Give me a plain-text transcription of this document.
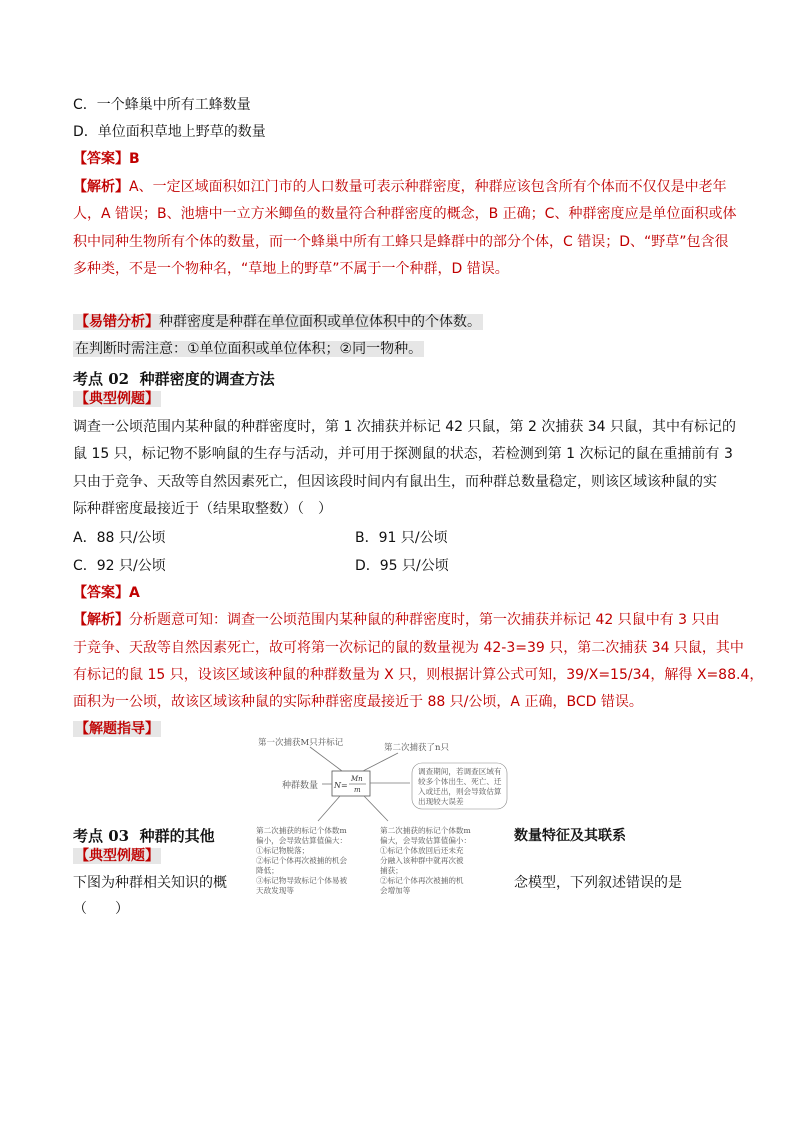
C．一个蜂巢中所有工蜂数量
D．单位面积草地上野草的数量
【答案】B
【解析】A、一定区域面积如江门市的人口数量可表示种群密度，种群应该包含所有个体而不仅仅是中老年
人，A 错误；B、池塘中一立方米鲫鱼的数量符合种群密度的概念，B 正确；C、种群密度应是单位面积或体
积中同种生物所有个体的数量，而一个蜂巢中所有工蜂只是蜂群中的部分个体，C 错误；D、“野草”包含很
多种类，不是一个物种名，“草地上的野草”不属于一个种群，D 错误。
【易错分析】种群密度是种群在单位面积或单位体积中的个体数。
在判断时需注意：①单位面积或单位体积；②同一物种。
考点 02 种群密度的调查方法
【典型例题】
调查一公顷范围内某种鼠的种群密度时，第 1 次捕获并标记 42 只鼠，第 2 次捕获 34 只鼠，其中有标记的
鼠 15 只，标记物不影响鼠的生存与活动，并可用于探测鼠的状态，若检测到第 1 次标记的鼠在重捕前有 3
只由于竞争、天敌等自然因素死亡，但因该段时间内有鼠出生，而种群总数量稳定，则该区域该种鼠的实
际种群密度最接近于（结果取整数）（　）
A．88 只/公顷	B．91 只/公顷
C．92 只/公顷	D．95 只/公顷
【答案】A
【解析】分析题意可知：调查一公顷范围内某种鼠的种群密度时，第一次捕获并标记 42 只鼠中有 3 只由
于竞争、天敌等自然因素死亡，故可将第一次标记的鼠的数量视为 42-3=39 只，第二次捕获 34 只鼠，其中
有标记的鼠 15 只，设该区域该种鼠的种群数量为 X 只，则根据计算公式可知，39/X=15/34，解得 X=88.4，
面积为一公顷，故该区域该种鼠的实际种群密度最接近于 88 只/公顷，A 正确，BCD 错误。
【解题指导】
第一次捕获M只并标记	第二次捕获了n只
种群数量 N=
Mn
m
调查期间，若调查区域有
较多个体出生、死亡、迁
入或迁出，则会导致估算
出现较大误差
第二次捕获的标记个体数m
偏小，会导致估算值偏大：
①标记物脱落；
②标记个体再次被捕的机会
降低；
③标记物导致标记个体易被
天敌发现等
第二次捕获的标记个体数m
偏大，会导致估算值偏小：
①标记个体放回后还未充
分融入该种群中就再次被
捕获；
②标记个体再次被捕的机
会增加等
考点 03 种群的其他	数量特征及其联系
【典型例题】
下图为种群相关知识的概	念模型，下列叙述错误的是
（　　）
